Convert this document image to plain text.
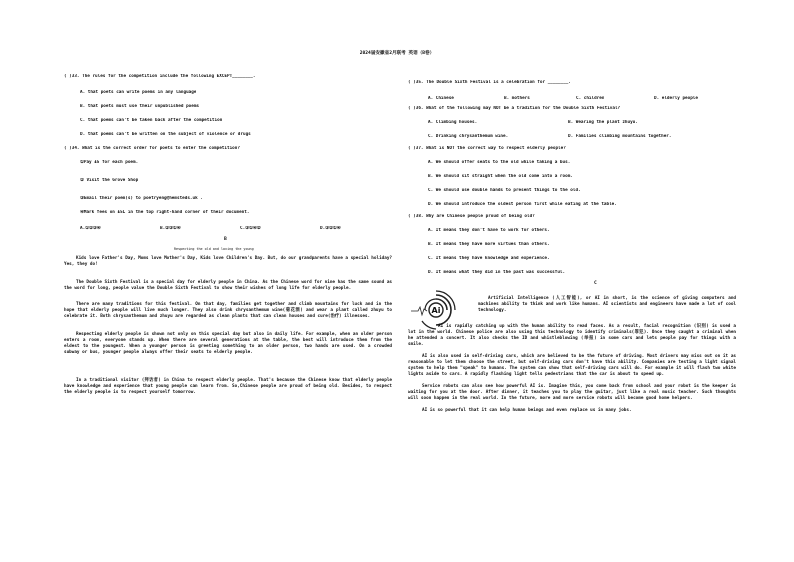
2024届安徽省2月联考 英语（B卷）
( )33. The rules for the competition include the following EXCEPT________.
A. that poets can write poems in any language
B. that poets must use their unpublished poems
C. that poems can't be taken back after the competition
D. that poems can't be written on the subject of violence or drugs
( )34. What is the correct order for poets to enter the competition?
①Pay £5 for each poem.
② Visit the Grove Shop
③Email their poem(s) to poetryeng@hemsteds.uk .
④Mark fees on £5L in the top right-hand corner of their document.
A.①②③④	B.②③①④	C.③①④②	D.③②①④
B
Respecting the old and loving the young
Kids love Father's Day, Moms love Mother's Day, Kids love Children's Day. But, do our grandparents have a special holiday? Yes, they do!
The Double Sixth Festival is a special day for elderly people in China. As the Chinese word for nine has the same sound as the word for long, people value the Double Sixth Festival to show their wishes of long life for elderly people.
There are many traditions for this festival. On that day, families get together and climb mountains for luck and in the hope that elderly people will live much longer. They also drink chrysanthemum wine(菊花酒) and wear a plant called zhuyu to celebrate it. Both chrysanthemum and zhuyu are regarded as clean plants that can clean houses and cure(治疗) illnesses.
Respecting elderly people is shown not only on this special day but also in daily life. For example, when an older person enters a room, everyone stands up. When there are several generations at the table, the best will introduce them from the eldest to the youngest. When a younger person is greeting something to an older person, two hands are used. On a crowded subway or bus, younger people always offer their seats to elderly people.
In a traditional visitor (拜访者) in China to respect elderly people. That's because the Chinese know that elderly people have knowledge and experience that young people can learn from. So,Chinese people are proud of being old. Besides, to respect the elderly people is to respect yourself tomorrow.
( )35. The Double Sixth Festival is a celebration for ________.
A. Chinese	B. mothers	C. children	D. elderly people
( )36. What of the following may NOT be a tradition for the Double Sixth Festival?
A. Climbing houses.	B. Wearing the plant zhuyu.
C. Drinking chrysanthemum wine.	D. Families climbing mountains together.
( )37. What is NOT the correct way to respect elderly people?
A. We should offer seats to the old while taking a bus.
B. We should sit straight when the old come into a room.
C. We should use double hands to present things to the old.
D. We should introduce the oldest person first while eating at the table.
( )38. Why are Chinese people proud of being old?
A. It means they don't have to work for others.
B. It means they have more virtues than others.
C. It means they have knowledge and experience.
D. It means what they did in the past was successful.
C
Ai
Artificial Intelligence (人工智能), or AI in short, is the science of giving computers and machines ability to think and work like humans. AI scientists and engineers have made a lot of cool technology.
AI is rapidly catching up with the human ability to read faces. As a result, facial recognition (识别) is used a lot in the world. Chinese police are also using this technology to identify criminals(罪犯). Once they caught a criminal when he attended a concert. It also checks the ID and whistleblowing (举报) in some cars and lets people pay for things with a smile.
AI is also used in self-driving cars, which are believed to be the future of driving. Most drivers may miss out on it as reasonable to let them choose the street, but self-driving cars don't have this ability. Companies are testing a light signal system to help them "speak" to humans. The system can show that self-driving cars will do. For example it will flash two white lights aside to cars. A rapidly flashing light tells pedestrians that the car is about to speed up.
Service robots can also see how powerful AI is. Imagine this, you come back from school and your robot is the keeper is waiting for you at the door. After dinner, it teaches you to play the guitar, just like a real music teacher. Such thoughts will soon happen in the real world. In the future, more and more service robots will become good home helpers.
AI is so powerful that it can help human beings and even replace us in many jobs.
